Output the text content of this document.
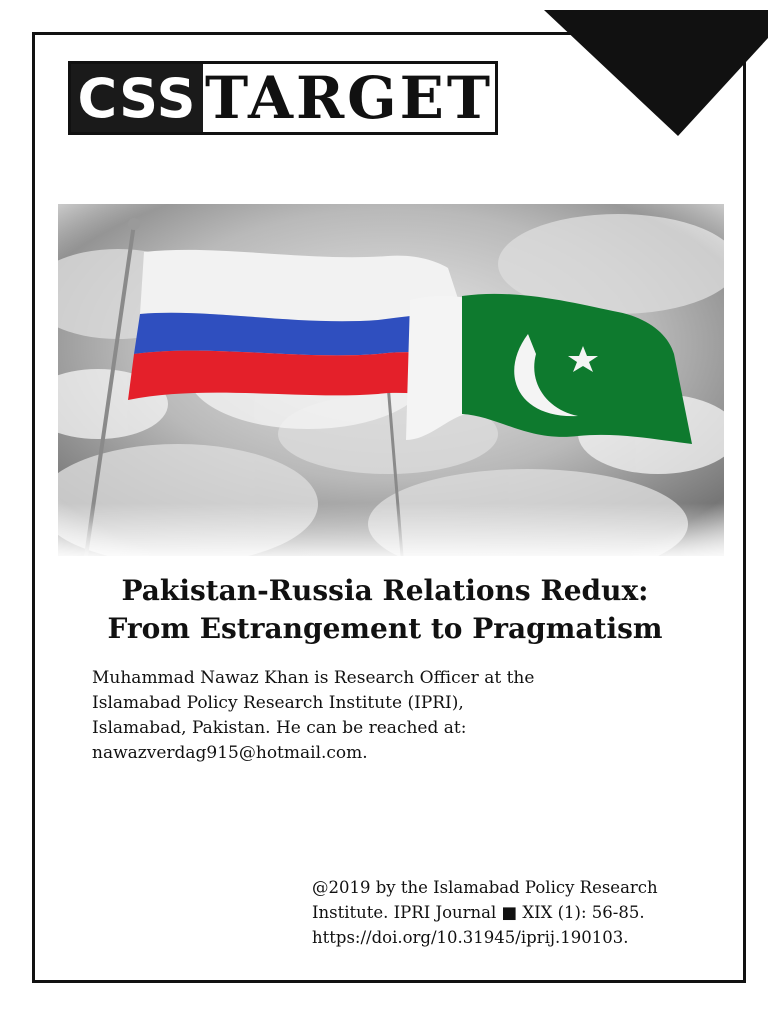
CSS TARGET
Pakistan-Russia Relations Redux:
From Estrangement to Pragmatism

Muhammad Nawaz Khan is Research Officer at the
Islamabad Policy Research Institute (IPRI),
Islamabad, Pakistan. He can be reached at:
nawazverdag915@hotmail.com.

@2019 by the Islamabad Policy Research
Institute. IPRI Journal ■ XIX (1): 56-85.
https://doi.org/10.31945/iprij.190103.
